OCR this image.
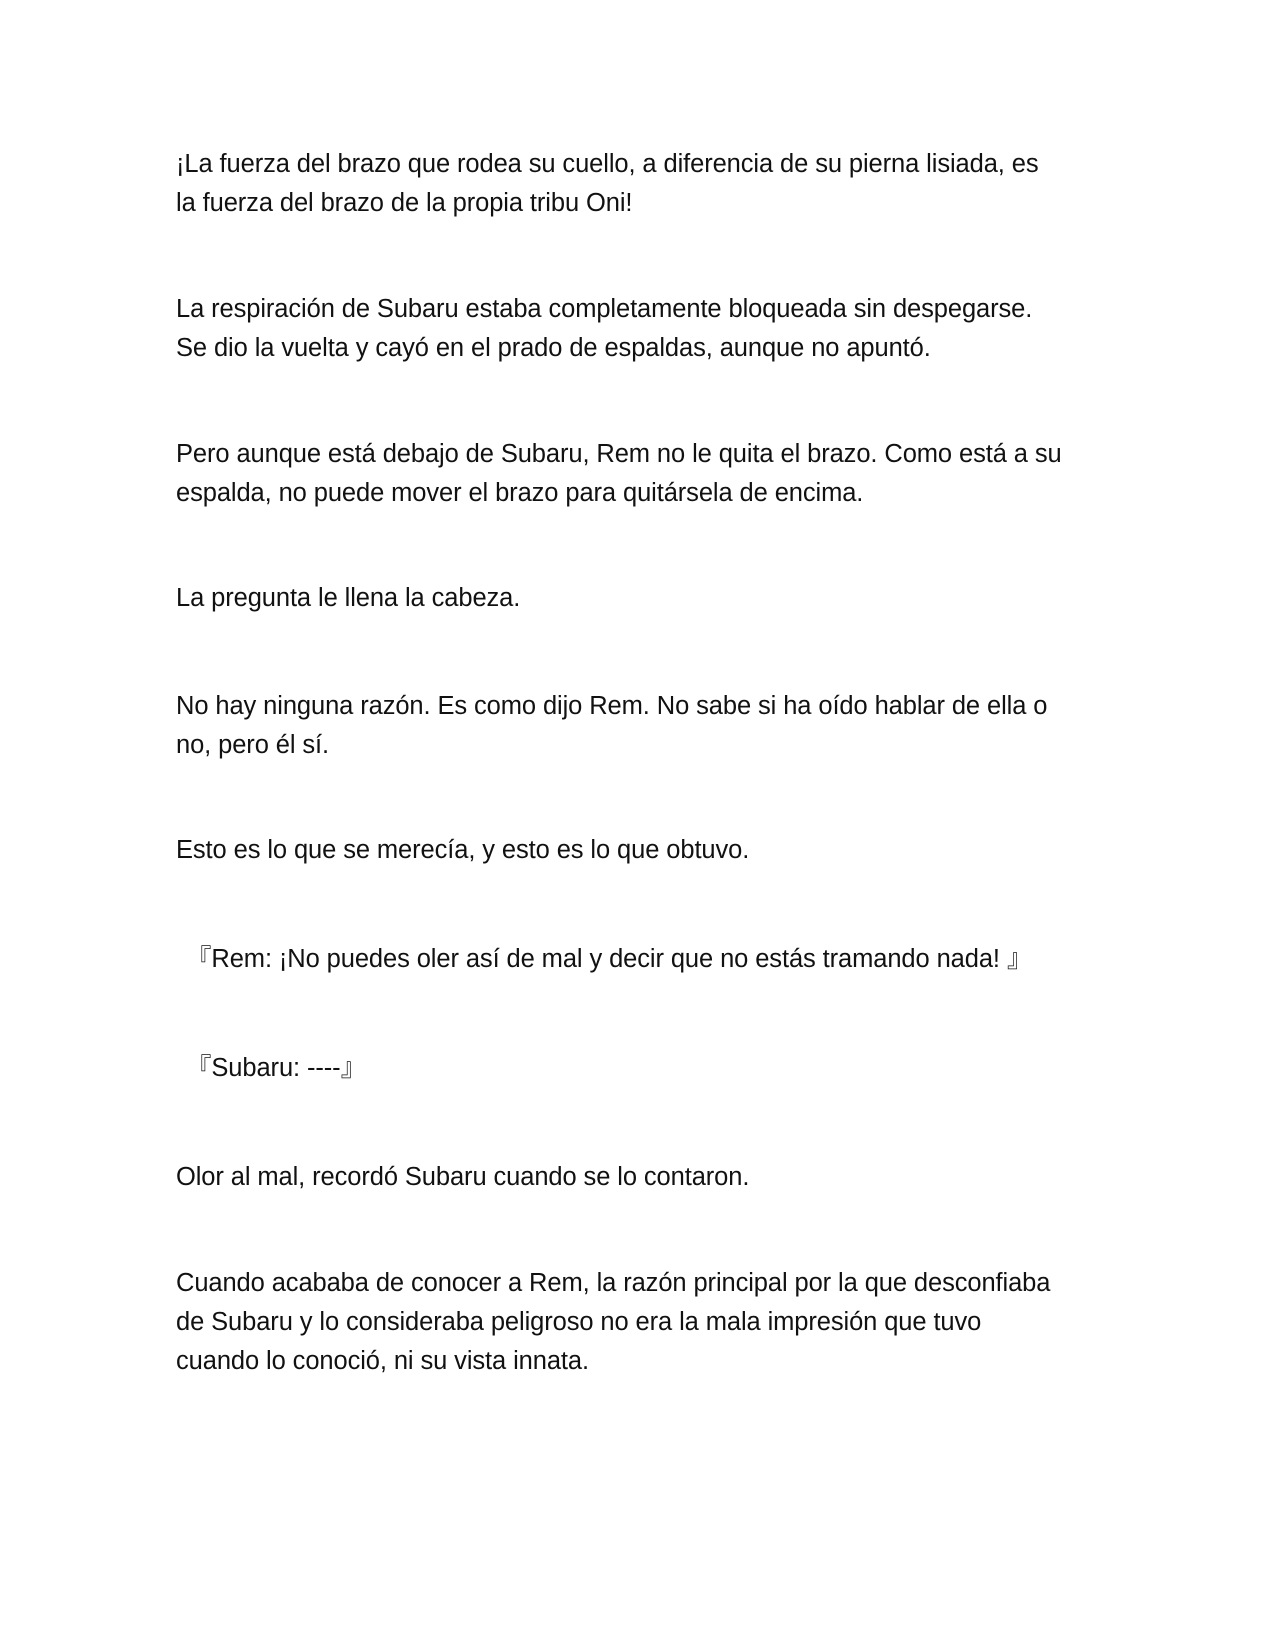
¡La fuerza del brazo que rodea su cuello, a diferencia de su pierna lisiada, es
la fuerza del brazo de la propia tribu Oni!

La respiración de Subaru estaba completamente bloqueada sin despegarse.
Se dio la vuelta y cayó en el prado de espaldas, aunque no apuntó.

Pero aunque está debajo de Subaru, Rem no le quita el brazo. Como está a su
espalda, no puede mover el brazo para quitársela de encima.

La pregunta le llena la cabeza.

No hay ninguna razón. Es como dijo Rem. No sabe si ha oído hablar de ella o
no, pero él sí.

Esto es lo que se merecía, y esto es lo que obtuvo.

『Rem: ¡No puedes oler así de mal y decir que no estás tramando nada! 』

『Subaru: ----』

Olor al mal, recordó Subaru cuando se lo contaron.

Cuando acababa de conocer a Rem, la razón principal por la que desconfiaba
de Subaru y lo consideraba peligroso no era la mala impresión que tuvo
cuando lo conoció, ni su vista innata.
